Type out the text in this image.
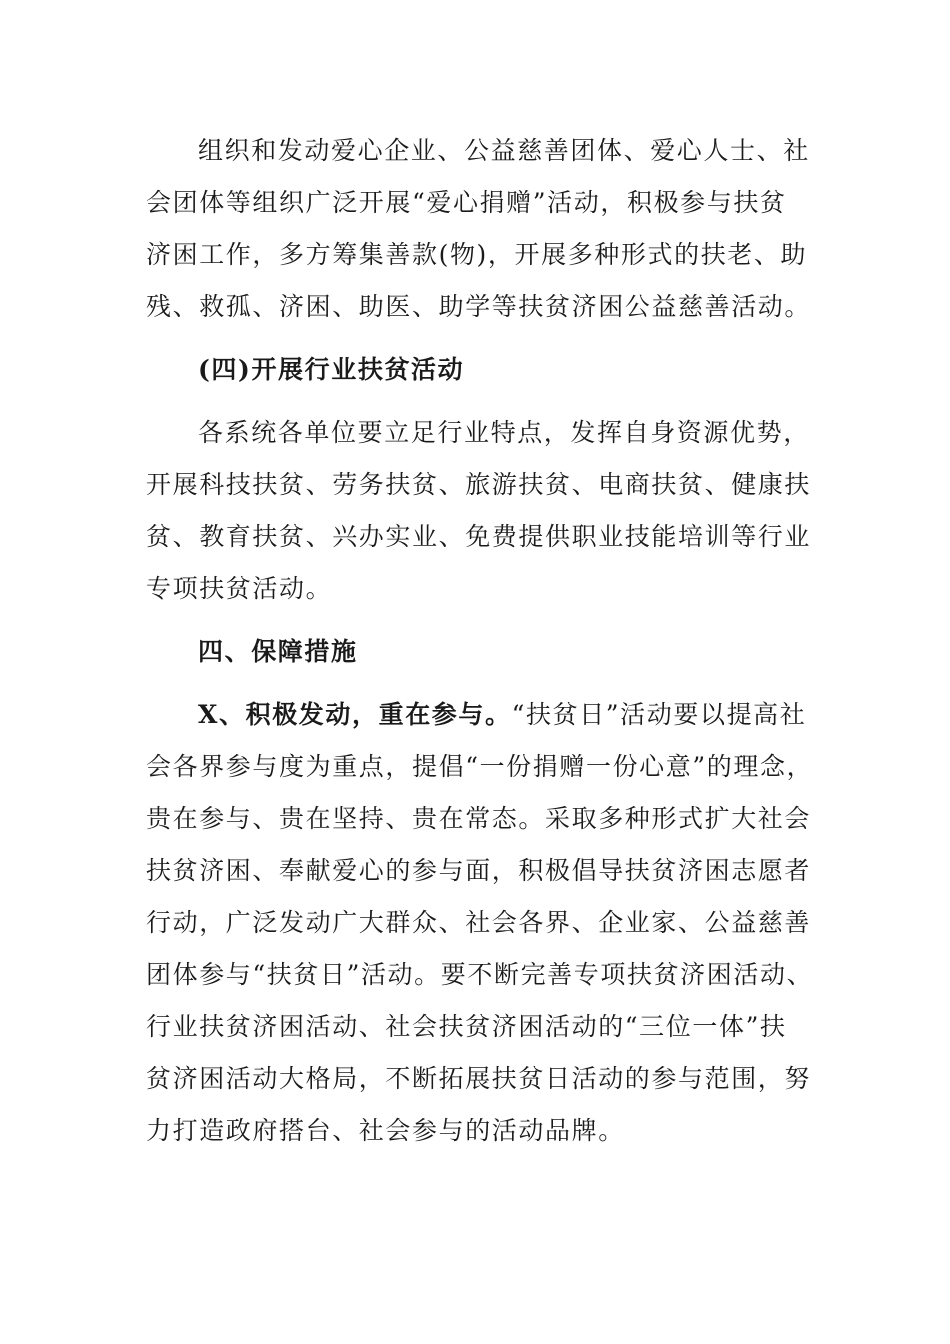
组织和发动爱心企业、公益慈善团体、爱心人士、社
会团体等组织广泛开展“爱心捐赠”活动，积极参与扶贫
济困工作，多方筹集善款(物)，开展多种形式的扶老、助
残、救孤、济困、助医、助学等扶贫济困公益慈善活动。
(四)开展行业扶贫活动
各系统各单位要立足行业特点，发挥自身资源优势，
开展科技扶贫、劳务扶贫、旅游扶贫、电商扶贫、健康扶
贫、教育扶贫、兴办实业、免费提供职业技能培训等行业
专项扶贫活动。
四、保障措施
X、积极发动，重在参与。“扶贫日”活动要以提高社
会各界参与度为重点，提倡“一份捐赠一份心意”的理念，
贵在参与、贵在坚持、贵在常态。采取多种形式扩大社会
扶贫济困、奉献爱心的参与面，积极倡导扶贫济困志愿者
行动，广泛发动广大群众、社会各界、企业家、公益慈善
团体参与“扶贫日”活动。要不断完善专项扶贫济困活动、
行业扶贫济困活动、社会扶贫济困活动的“三位一体”扶
贫济困活动大格局，不断拓展扶贫日活动的参与范围，努
力打造政府搭台、社会参与的活动品牌。
